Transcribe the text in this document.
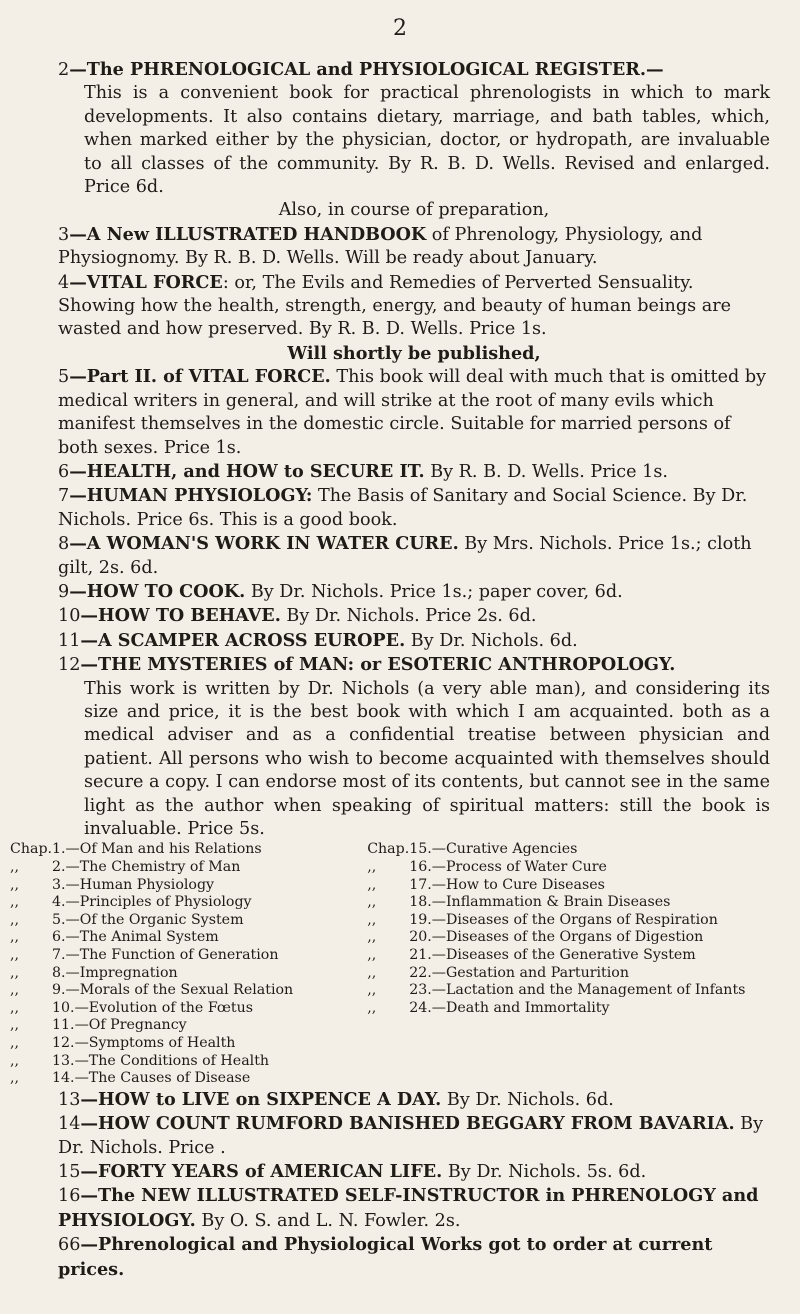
2

2—The PHRENOLOGICAL and PHYSIOLOGICAL REGISTER.—

This is a convenient book for practical phrenologists in which to mark developments. It also contains dietary, marriage, and bath tables, which, when marked either by the physician, doctor, or hydropath, are invaluable to all classes of the community. By R. B. D. Wells. Revised and enlarged. Price 6d.

Also, in course of preparation,

3—A New ILLUSTRATED HANDBOOK of Phrenology, Physiology, and Physiognomy. By R. B. D. Wells. Will be ready about January.

4—VITAL FORCE: or, The Evils and Remedies of Perverted Sensuality. Showing how the health, strength, energy, and beauty of human beings are wasted and how preserved. By R. B. D. Wells. Price 1s.

Will shortly be published,

5—Part II. of VITAL FORCE. This book will deal with much that is omitted by medical writers in general, and will strike at the root of many evils which manifest themselves in the domestic circle. Suitable for married persons of both sexes. Price 1s.

6—HEALTH, and HOW to SECURE IT. By R. B. D. Wells. Price 1s.

7—HUMAN PHYSIOLOGY: The Basis of Sanitary and Social Science. By Dr. Nichols. Price 6s. This is a good book.

8—A WOMAN'S WORK IN WATER CURE. By Mrs. Nichols. Price 1s.; cloth gilt, 2s. 6d.

9—HOW TO COOK. By Dr. Nichols. Price 1s.; paper cover, 6d.

10—HOW TO BEHAVE. By Dr. Nichols. Price 2s. 6d.

11—A SCAMPER ACROSS EUROPE. By Dr. Nichols. 6d.

12—THE MYSTERIES of MAN: or ESOTERIC ANTHROPOLOGY.

This work is written by Dr. Nichols (a very able man), and considering its size and price, it is the best book with which I am acquainted. both as a medical adviser and as a confidential treatise between physician and patient. All persons who wish to become acquainted with themselves should secure a copy. I can endorse most of its contents, but cannot see in the same light as the author when speaking of spiritual matters: still the book is invaluable. Price 5s.

Chap. 1.—Of Man and his Relations
,,	2.—The Chemistry of Man
,,	3.—Human Physiology
,,	4.—Principles of Physiology
,,	5.—Of the Organic System
,,	6.—The Animal System
,,	7.—The Function of Generation
,,	8.—Impregnation
,,	9.—Morals of the Sexual Relation
,,	10.—Evolution of the Fœtus
,,	11.—Of Pregnancy
,,	12.—Symptoms of Health
,,	13.—The Conditions of Health
,,	14.—The Causes of Disease
Chap. 15.—Curative Agencies
,,	16.—Process of Water Cure
,,	17.—How to Cure Diseases
,,	18.—Inflammation & Brain Diseases
,,	19.—Diseases of the Organs of Respiration
,,	20.—Diseases of the Organs of Digestion
,,	21.—Diseases of the Generative System
,,	22.—Gestation and Parturition
,,	23.—Lactation and the Management of Infants
,,	24.—Death and Immortality

13—HOW to LIVE on SIXPENCE A DAY. By Dr. Nichols. 6d.

14—HOW COUNT RUMFORD BANISHED BEGGARY FROM BAVARIA. By Dr. Nichols. Price .

15—FORTY YEARS of AMERICAN LIFE. By Dr. Nichols. 5s. 6d.

16—The NEW ILLUSTRATED SELF-INSTRUCTOR in PHRENOLOGY and PHYSIOLOGY. By O. S. and L. N. Fowler. 2s.

66—Phrenological and Physiological Works got to order at current prices.
